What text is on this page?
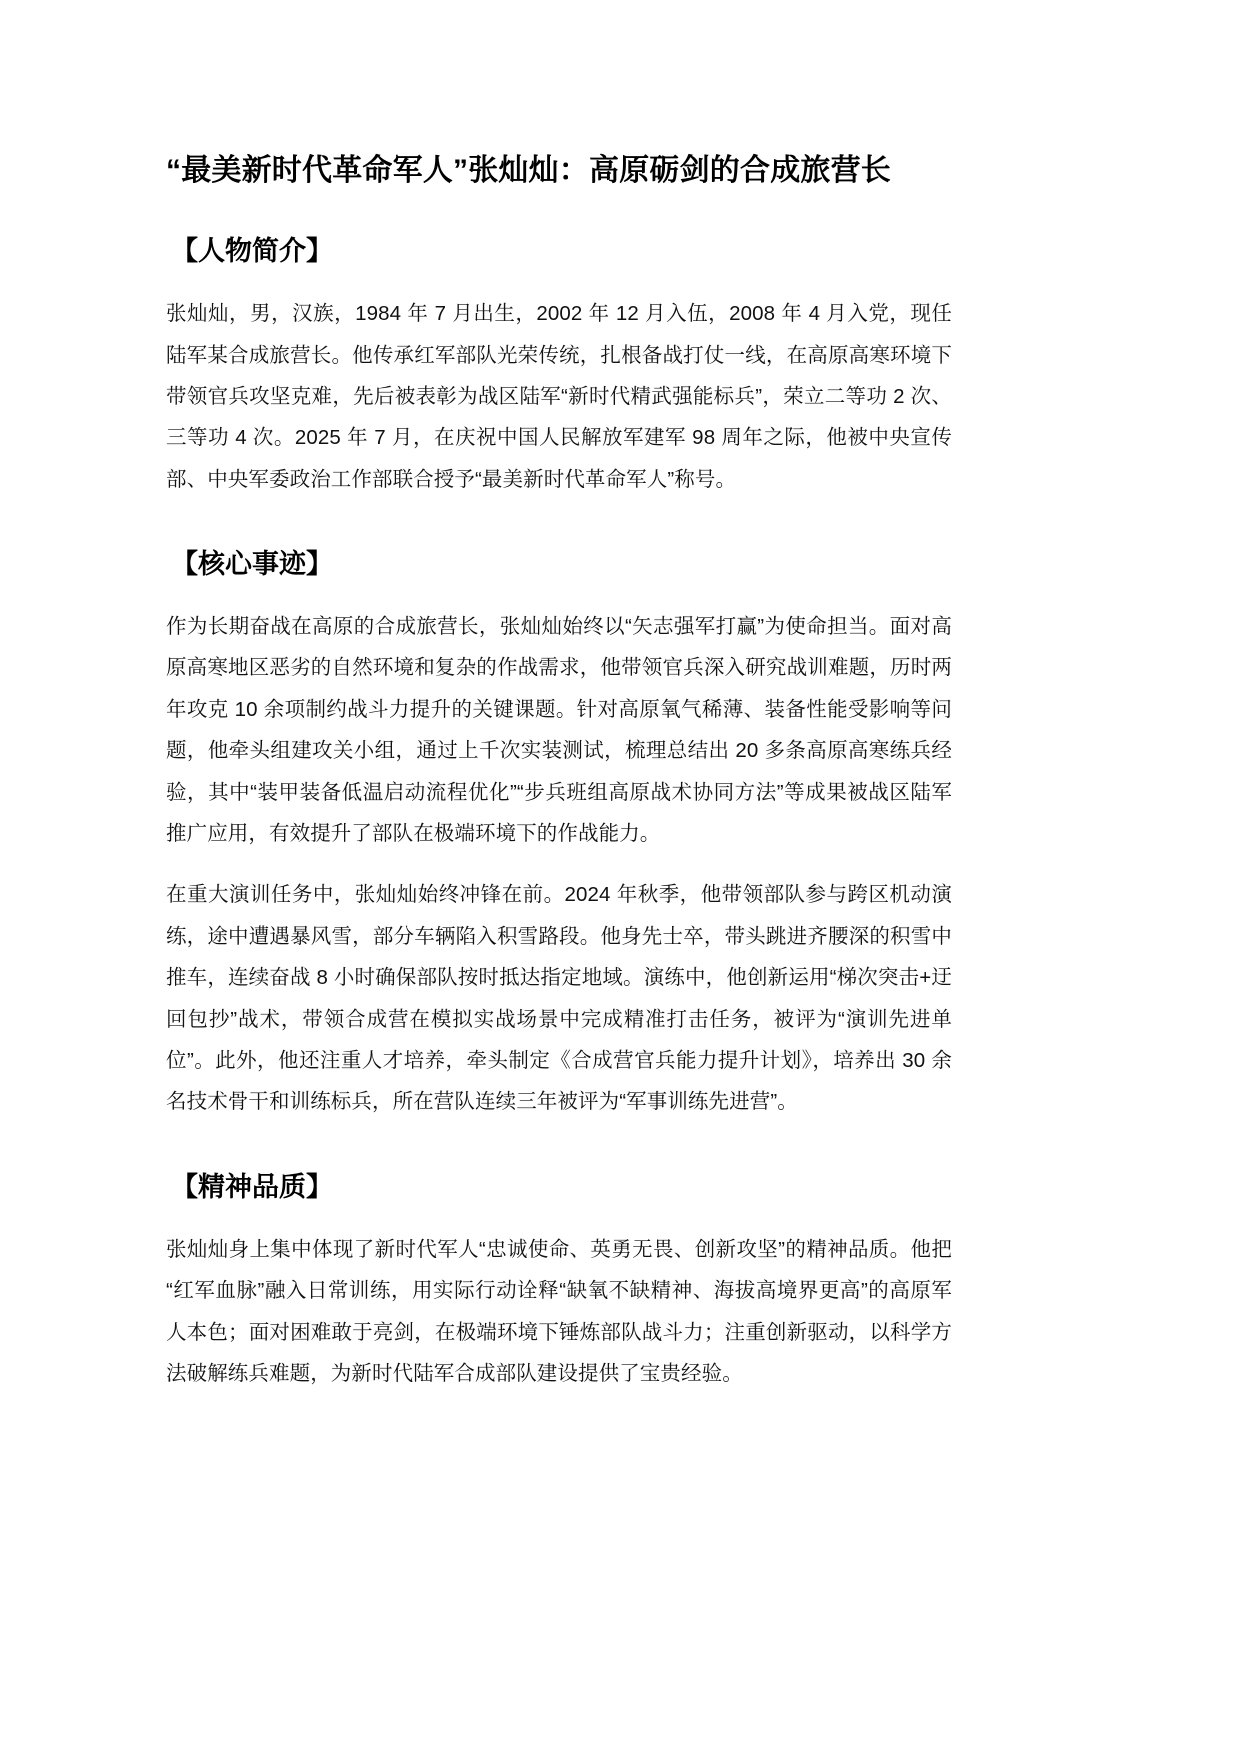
“最美新时代革命军人”张灿灿：高原砺剑的合成旅营长
【人物简介】

张灿灿，男，汉族，1984 年 7 月出生，2002 年 12 月入伍，2008 年 4 月入党，现任陆军某合成旅营长。他传承红军部队光荣传统，扎根备战打仗一线，在高原高寒环境下带领官兵攻坚克难，先后被表彰为战区陆军“新时代精武强能标兵”，荣立二等功 2 次、三等功 4 次。2025 年 7 月，在庆祝中国人民解放军建军 98 周年之际，他被中央宣传部、中央军委政治工作部联合授予“最美新时代革命军人”称号。

【核心事迹】

作为长期奋战在高原的合成旅营长，张灿灿始终以“矢志强军打赢”为使命担当。面对高原高寒地区恶劣的自然环境和复杂的作战需求，他带领官兵深入研究战训难题，历时两年攻克 10 余项制约战斗力提升的关键课题。针对高原氧气稀薄、装备性能受影响等问题，他牵头组建攻关小组，通过上千次实装测试，梳理总结出 20 多条高原高寒练兵经验，其中“装甲装备低温启动流程优化”“步兵班组高原战术协同方法”等成果被战区陆军推广应用，有效提升了部队在极端环境下的作战能力。

在重大演训任务中，张灿灿始终冲锋在前。2024 年秋季，他带领部队参与跨区机动演练，途中遭遇暴风雪，部分车辆陷入积雪路段。他身先士卒，带头跳进齐腰深的积雪中推车，连续奋战 8 小时确保部队按时抵达指定地域。演练中，他创新运用“梯次突击+迂回包抄”战术，带领合成营在模拟实战场景中完成精准打击任务，被评为“演训先进单位”。此外，他还注重人才培养，牵头制定《合成营官兵能力提升计划》，培养出 30 余名技术骨干和训练标兵，所在营队连续三年被评为“军事训练先进营”。

【精神品质】

张灿灿身上集中体现了新时代军人“忠诚使命、英勇无畏、创新攻坚”的精神品质。他把“红军血脉”融入日常训练，用实际行动诠释“缺氧不缺精神、海拔高境界更高”的高原军人本色；面对困难敢于亮剑，在极端环境下锤炼部队战斗力；注重创新驱动，以科学方法破解练兵难题，为新时代陆军合成部队建设提供了宝贵经验。
